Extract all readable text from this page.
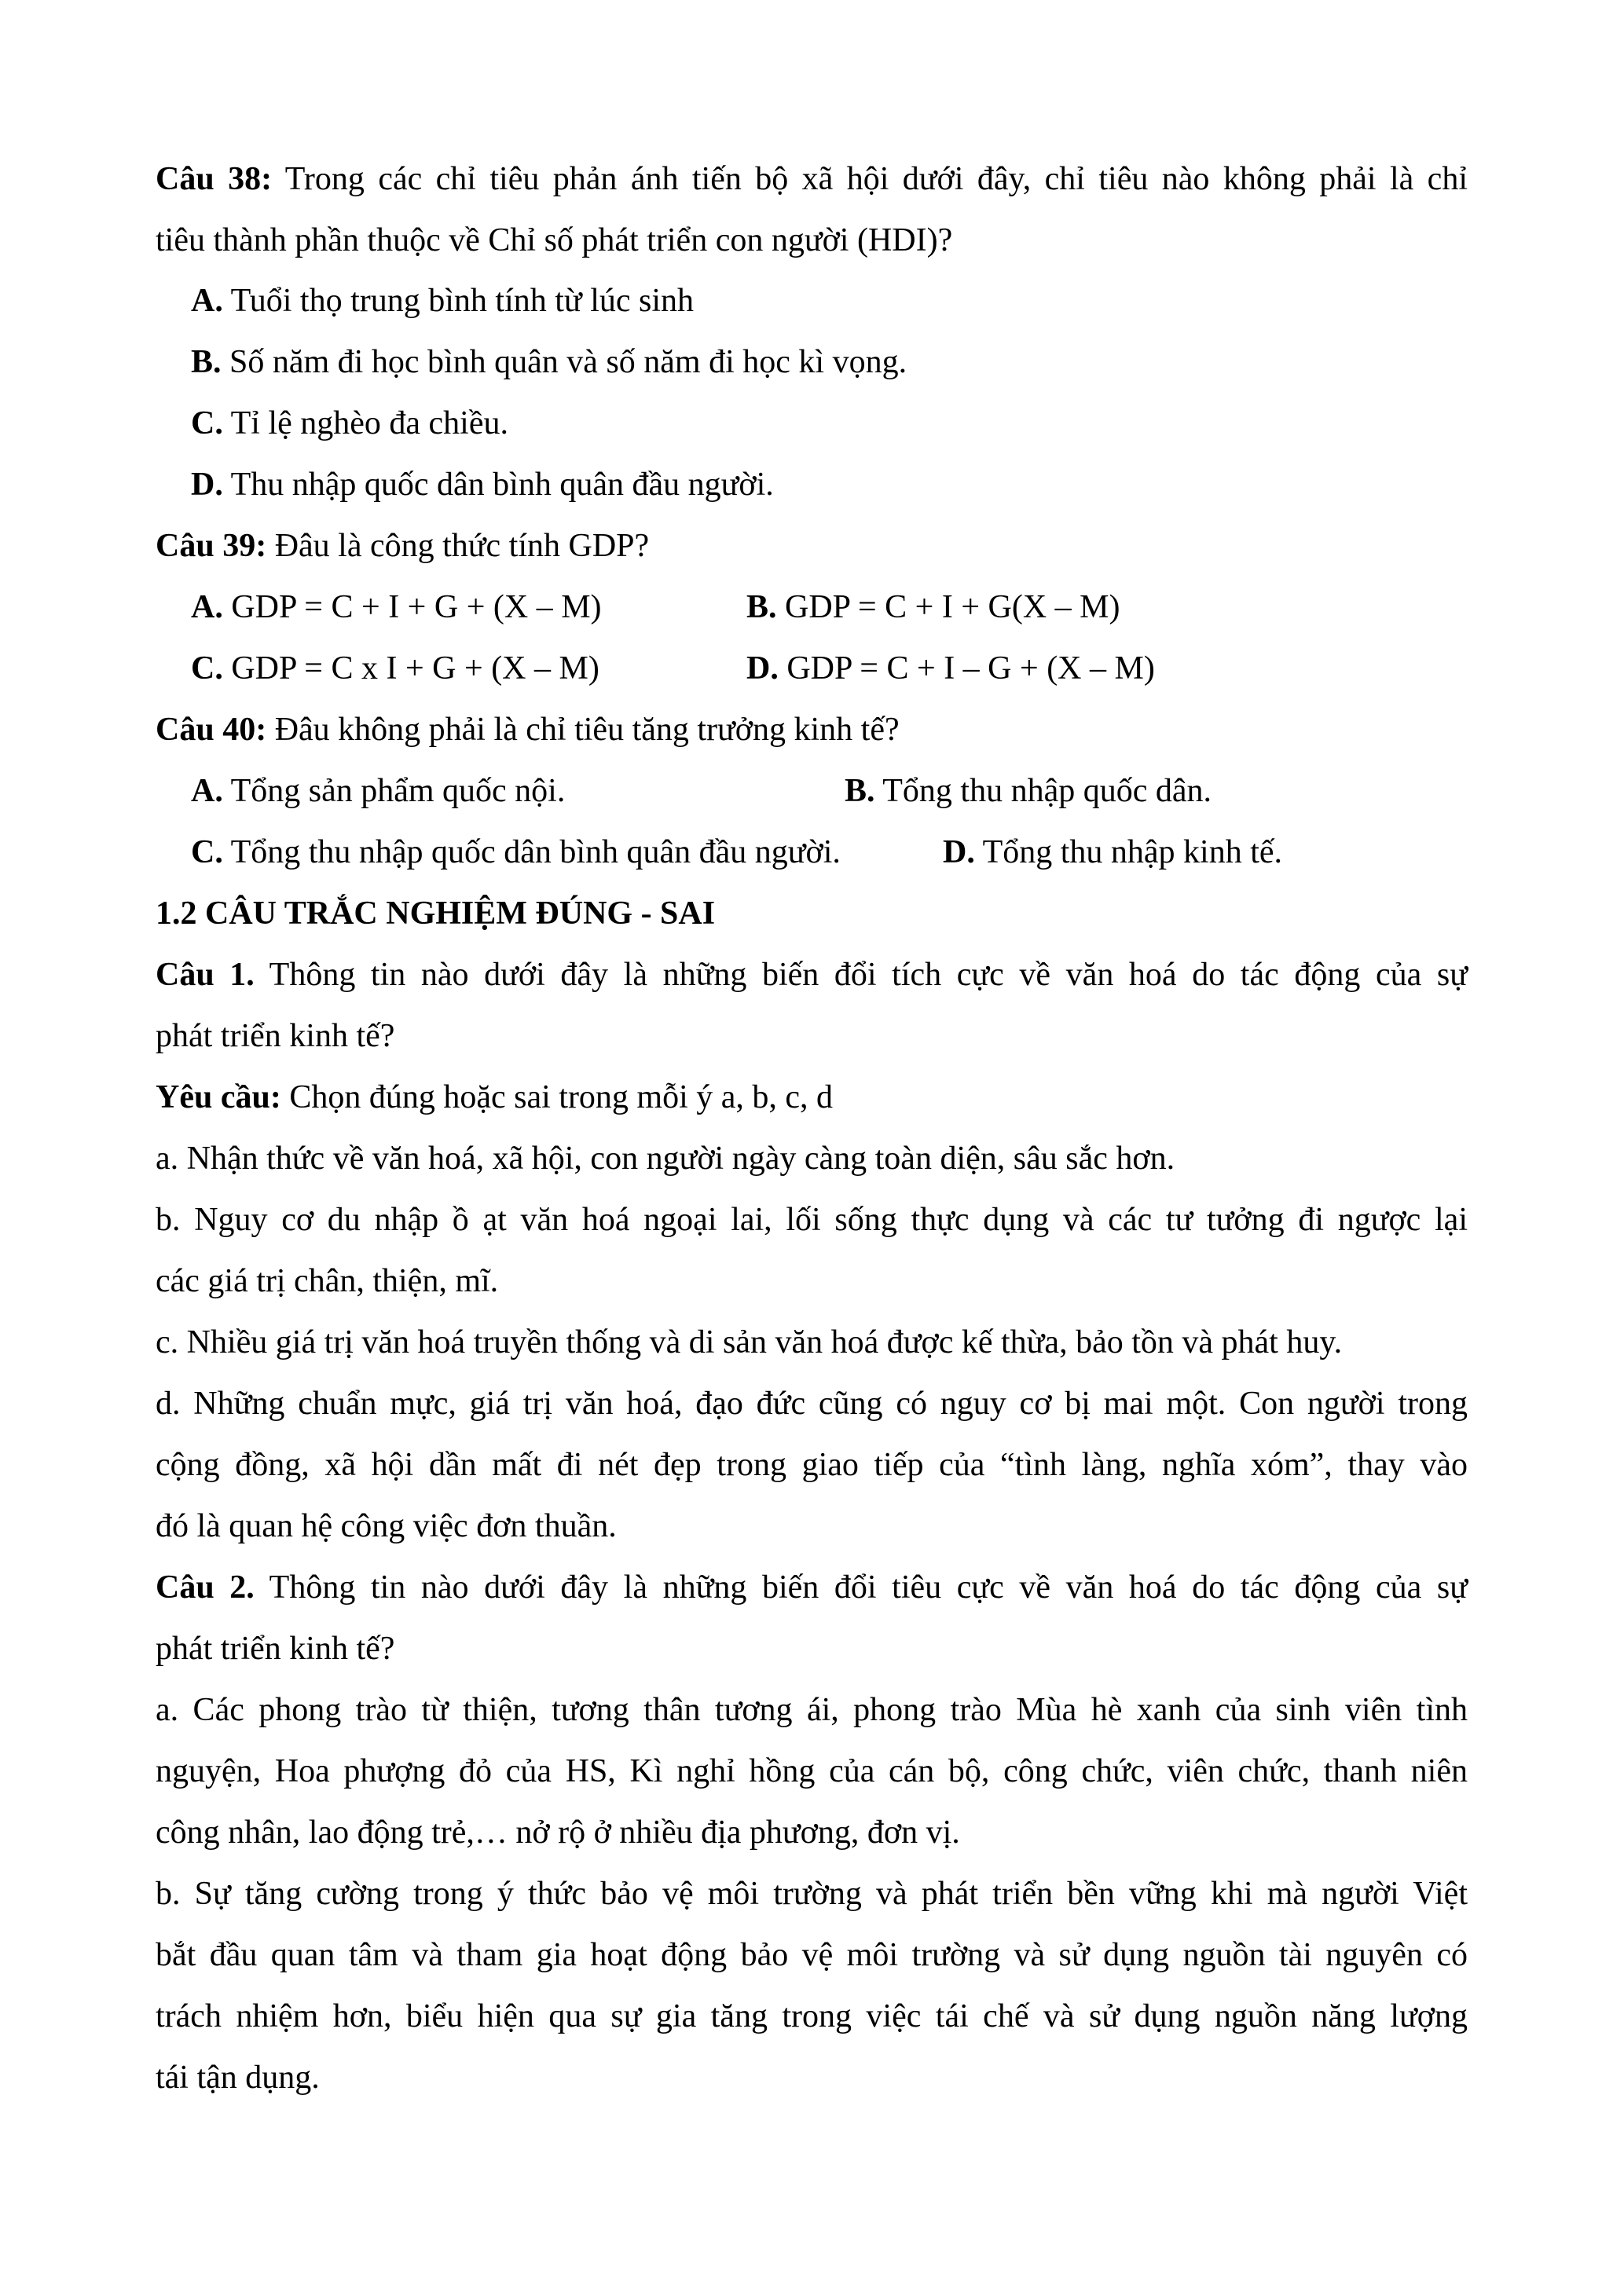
Câu 38: Trong các chỉ tiêu phản ánh tiến bộ xã hội dưới đây, chỉ tiêu nào không phải là chỉ
tiêu thành phần thuộc về Chỉ số phát triển con người (HDI)?
A. Tuổi thọ trung bình tính từ lúc sinh
B. Số năm đi học bình quân và số năm đi học kì vọng.
C. Tỉ lệ nghèo đa chiều.
D. Thu nhập quốc dân bình quân đầu người.
Câu 39: Đâu là công thức tính GDP?
A. GDP = C + I + G + (X – M)	B. GDP = C + I + G(X – M)
C. GDP = C x I + G + (X – M)	D. GDP = C + I – G + (X – M)
Câu 40: Đâu không phải là chỉ tiêu tăng trưởng kinh tế?
A. Tổng sản phẩm quốc nội.	B. Tổng thu nhập quốc dân.
C. Tổng thu nhập quốc dân bình quân đầu người.	D. Tổng thu nhập kinh tế.
1.2 CÂU TRẮC NGHIỆM ĐÚNG - SAI
Câu 1. Thông tin nào dưới đây là những biến đổi tích cực về văn hoá do tác động của sự
phát triển kinh tế?
Yêu cầu: Chọn đúng hoặc sai trong mỗi ý a, b, c, d
a. Nhận thức về văn hoá, xã hội, con người ngày càng toàn diện, sâu sắc hơn.
b. Nguy cơ du nhập ồ ạt văn hoá ngoại lai, lối sống thực dụng và các tư tưởng đi ngược lại
các giá trị chân, thiện, mĩ.
c. Nhiều giá trị văn hoá truyền thống và di sản văn hoá được kế thừa, bảo tồn và phát huy.
d. Những chuẩn mực, giá trị văn hoá, đạo đức cũng có nguy cơ bị mai một. Con người trong
cộng đồng, xã hội dần mất đi nét đẹp trong giao tiếp của “tình làng, nghĩa xóm”, thay vào
đó là quan hệ công việc đơn thuần.
Câu 2. Thông tin nào dưới đây là những biến đổi tiêu cực về văn hoá do tác động của sự
phát triển kinh tế?
a. Các phong trào từ thiện, tương thân tương ái, phong trào Mùa hè xanh của sinh viên tình
nguyện, Hoa phượng đỏ của HS, Kì nghỉ hồng của cán bộ, công chức, viên chức, thanh niên
công nhân, lao động trẻ,… nở rộ ở nhiều địa phương, đơn vị.
b. Sự tăng cường trong ý thức bảo vệ môi trường và phát triển bền vững khi mà người Việt
bắt đầu quan tâm và tham gia hoạt động bảo vệ môi trường và sử dụng nguồn tài nguyên có
trách nhiệm hơn, biểu hiện qua sự gia tăng trong việc tái chế và sử dụng nguồn năng lượng
tái tận dụng.
